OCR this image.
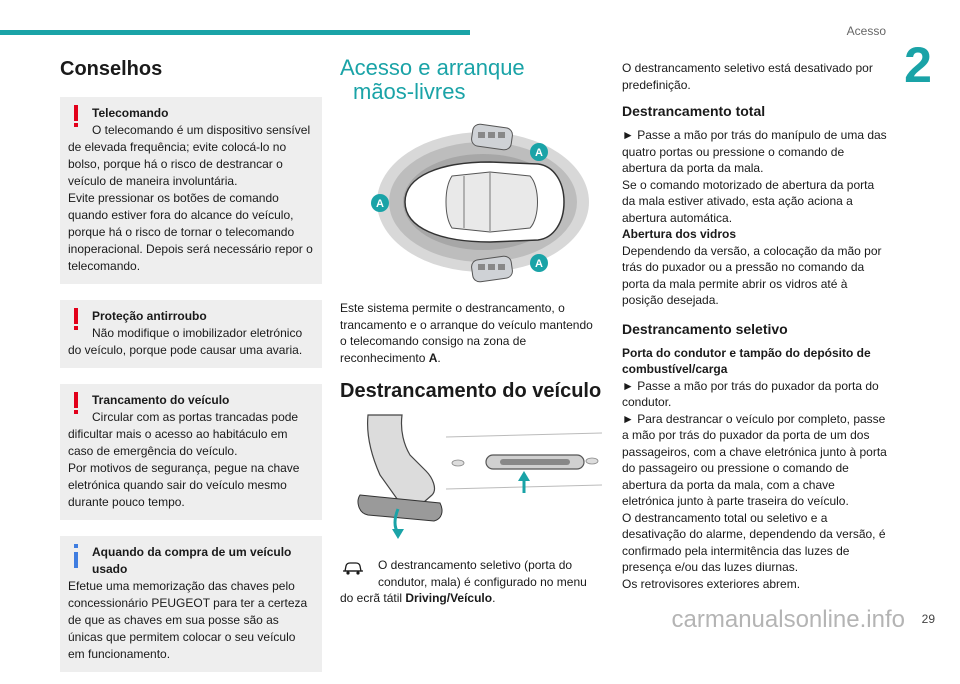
Acesso
2
Conselhos

Telecomando

O telecomando é um dispositivo sensível

de elevada frequência; evite colocá-lo no bolso, porque há o risco de destrancar o veículo de maneira involuntária.

Evite pressionar os botões de comando quando estiver fora do alcance do veículo, porque há o risco de tornar o telecomando inoperacional. Depois será necessário repor o telecomando.

Proteção antirroubo

Não modifique o imobilizador eletrónico

do veículo, porque pode causar uma avaria.

Trancamento do veículo

Circular com as portas trancadas pode

dificultar mais o acesso ao habitáculo em caso de emergência do veículo.

Por motivos de segurança, pegue na chave eletrónica quando sair do veículo mesmo durante pouco tempo.

Aquando da compra de um veículo usado

Efetue uma memorização das chaves pelo concessionário PEUGEOT para ter a certeza de que as chaves em sua posse são as únicas que permitem colocar o seu veículo em funcionamento.

Acesso e arranque
mãos-livres
A
A
A

Este sistema permite o destrancamento, o trancamento e o arranque do veículo mantendo o telecomando consigo na zona de reconhecimento A.

Destrancamento do veículo

O destrancamento seletivo (porta do

condutor, mala) é configurado no menu

do ecrã tátil Driving/Veículo.

O destrancamento seletivo está desativado por predefinição.

Destrancamento total

► Passe a mão por trás do manípulo de uma das quatro portas ou pressione o comando de abertura da porta da mala.

Se o comando motorizado de abertura da porta da mala estiver ativado, esta ação aciona a abertura automática.

Abertura dos vidros

Dependendo da versão, a colocação da mão por trás do puxador ou a pressão no comando da porta da mala permite abrir os vidros até à posição desejada.

Destrancamento seletivo

Porta do condutor e tampão do depósito de combustível/carga

► Passe a mão por trás do puxador da porta do condutor.

► Para destrancar o veículo por completo, passe a mão por trás do puxador da porta de um dos passageiros, com a chave eletrónica junto à porta do passageiro ou pressione o comando de abertura da porta da mala, com a chave eletrónica junto à parte traseira do veículo.

O destrancamento total ou seletivo e a desativação do alarme, dependendo da versão, é confirmado pela intermitência das luzes de presença e/ou das luzes diurnas.

Os retrovisores exteriores abrem.

29
carmanualsonline.info
